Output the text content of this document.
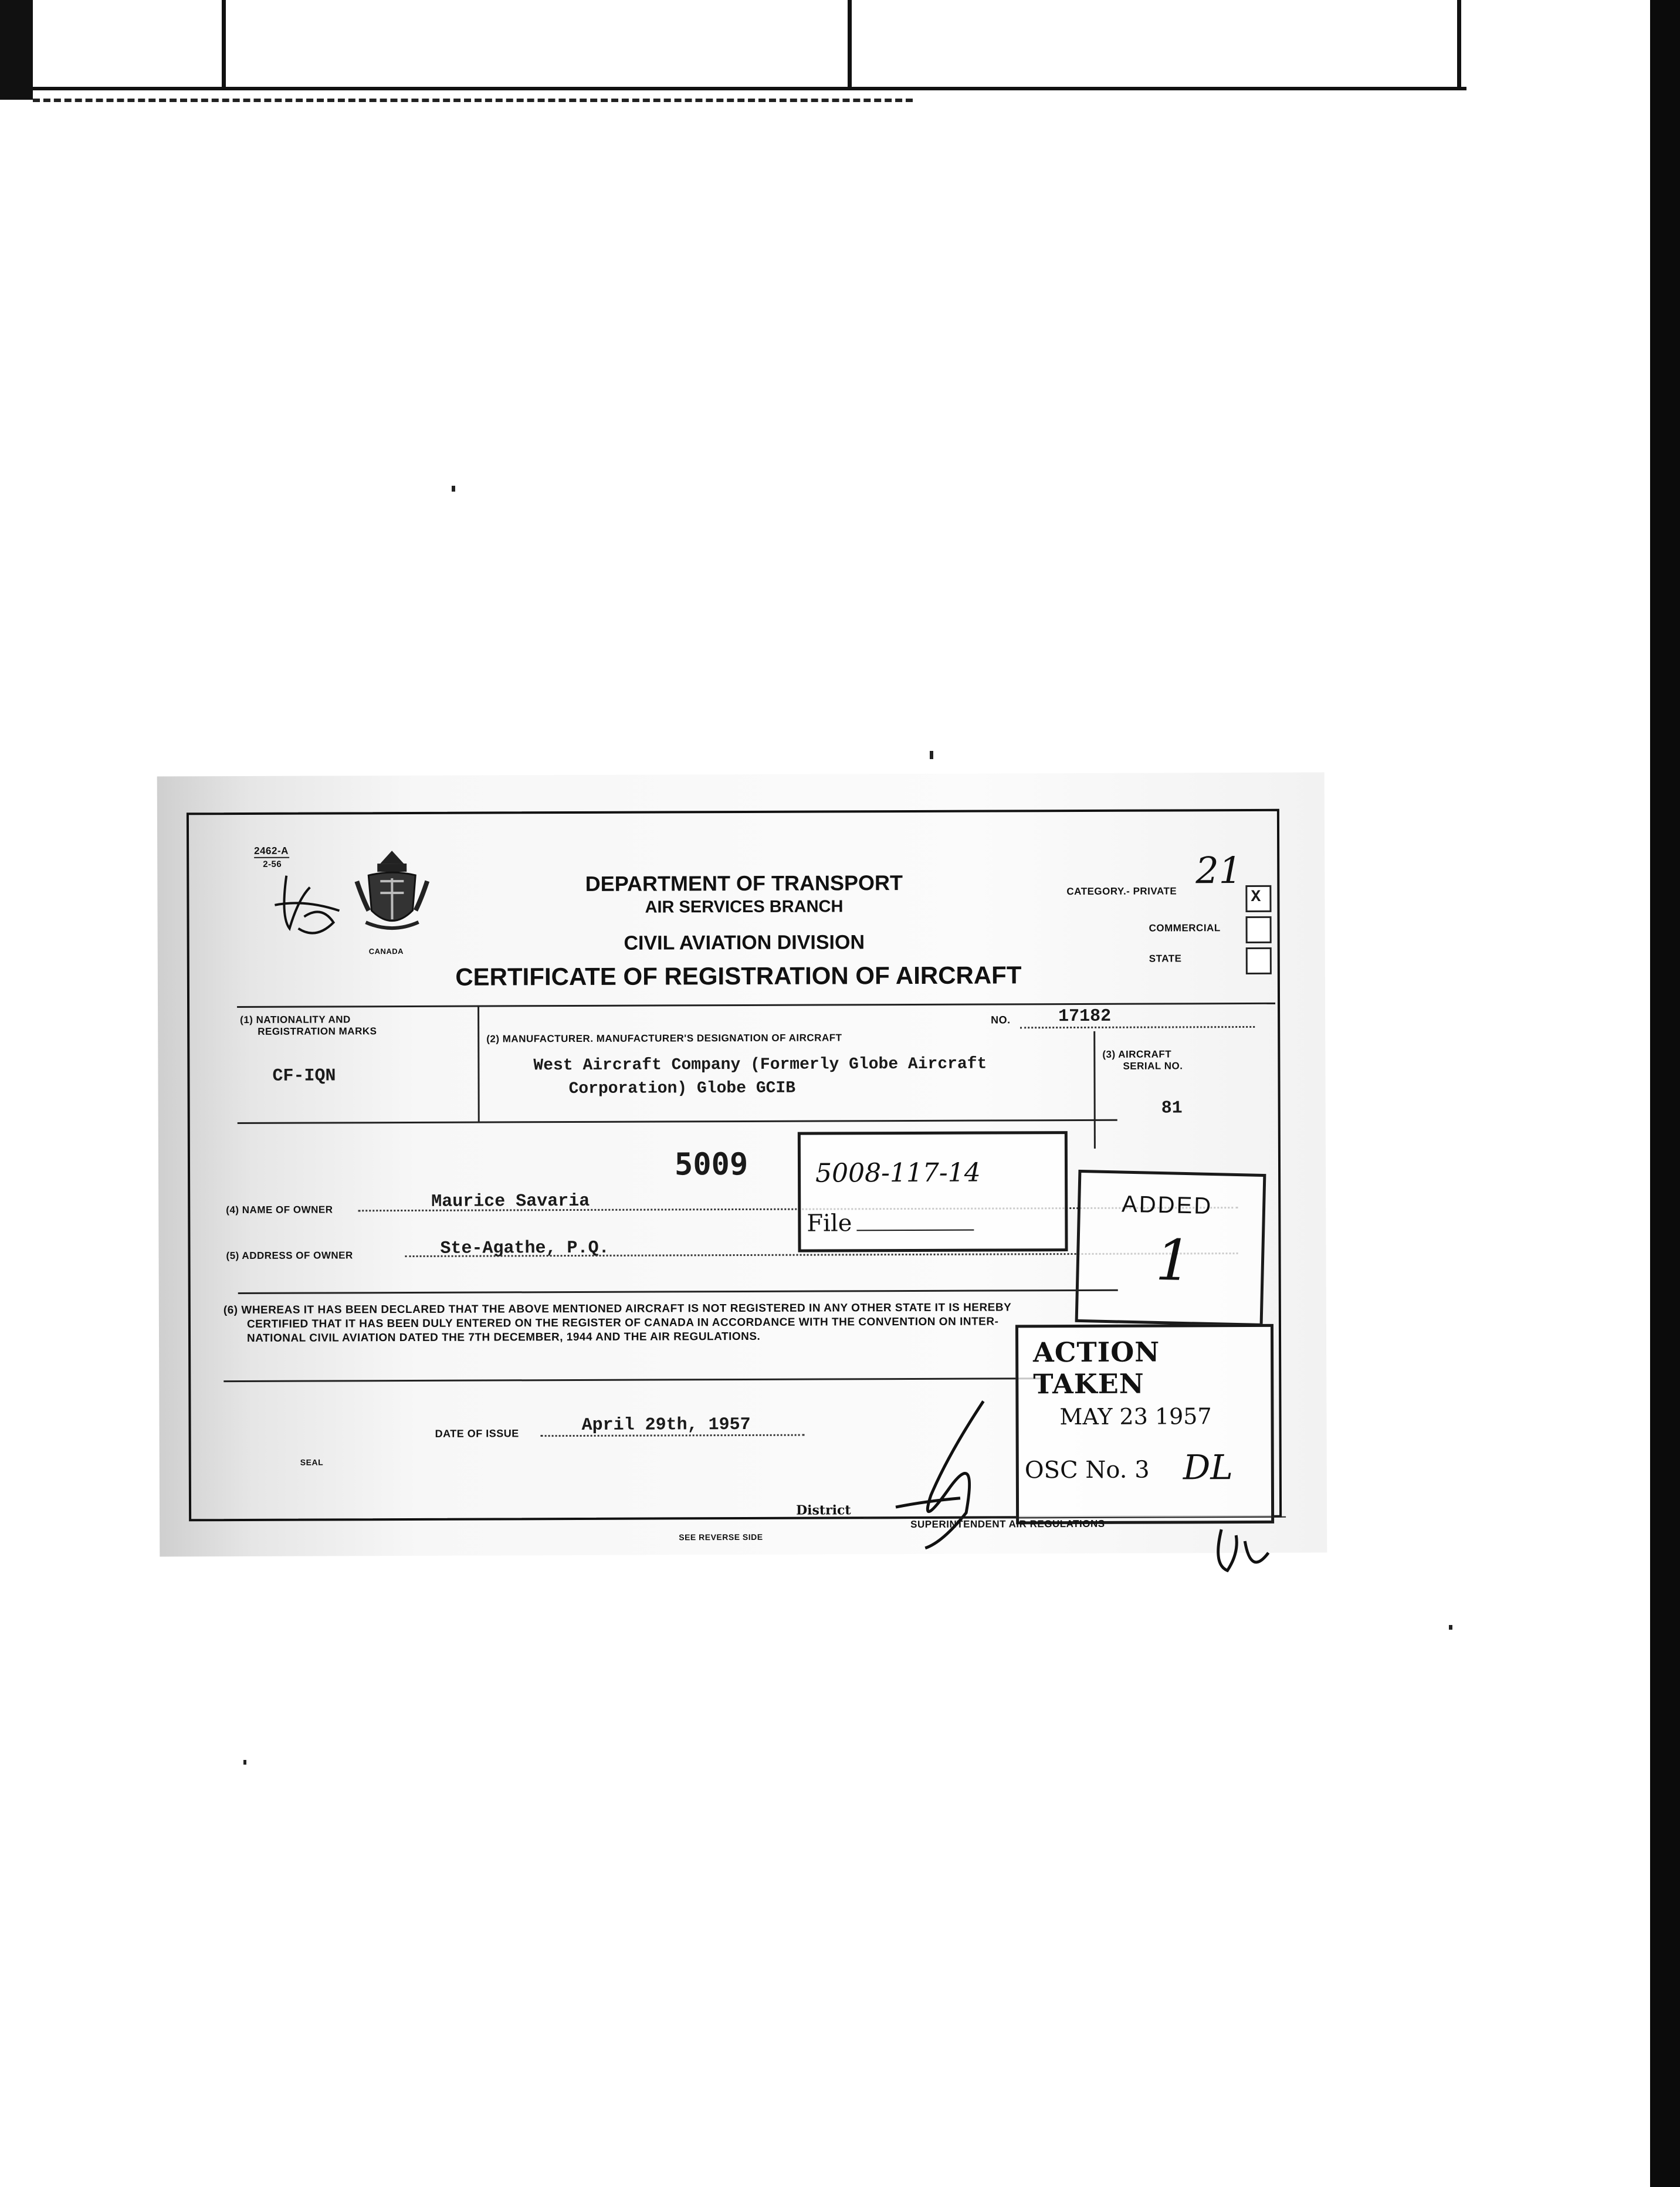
2462-A
2-56
CANADA
DEPARTMENT OF TRANSPORT
AIR SERVICES BRANCH
CIVIL AVIATION DIVISION
CERTIFICATE OF REGISTRATION OF AIRCRAFT
CATEGORY.- PRIVATE
COMMERCIAL
STATE
X
21
NO.	17182
(1) NATIONALITY AND
REGISTRATION MARKS
CF-IQN
(2) MANUFACTURER. MANUFACTURER'S DESIGNATION OF AIRCRAFT
West Aircraft Company (Formerly Globe Aircraft
Corporation) Globe GCIB
(3) AIRCRAFT
SERIAL NO.
81
5009
(4) NAME OF OWNER	Maurice Savaria
(5) ADDRESS OF OWNER	Ste-Agathe, P.Q.
5008-117-14
File
ADDED
1
(6) WHEREAS IT HAS BEEN DECLARED THAT THE ABOVE MENTIONED AIRCRAFT IS NOT REGISTERED IN ANY OTHER STATE IT IS HEREBY
CERTIFIED THAT IT HAS BEEN DULY ENTERED ON THE REGISTER OF CANADA IN ACCORDANCE WITH THE CONVENTION ON INTER-
NATIONAL CIVIL AVIATION DATED THE 7TH DECEMBER, 1944 AND THE AIR REGULATIONS.	ACTION TAKEN
MAY 23 1957
OSC No. 3 DL
DATE OF ISSUE	April 29th, 1957
SEAL
District
SUPERINTENDENT AIR REGULATIONS
SEE REVERSE SIDE
